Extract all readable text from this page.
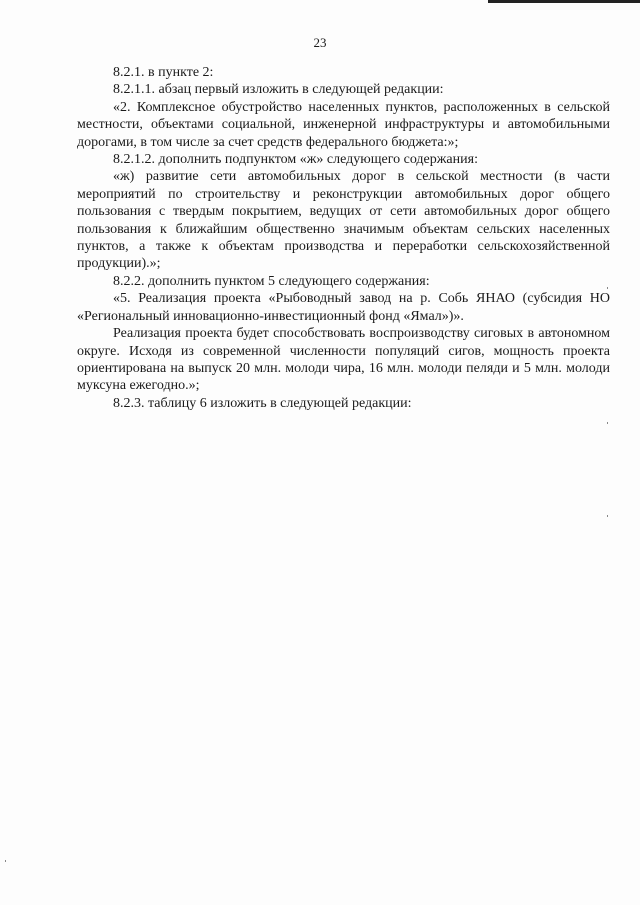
23

8.2.1. в пункте 2:

8.2.1.1. абзац первый изложить в следующей редакции:

«2. Комплексное обустройство населенных пунктов, расположенных в сельской местности, объектами социальной, инженерной инфраструктуры и автомобильными дорогами, в том числе за счет средств федерального бюджета:»;

8.2.1.2. дополнить подпунктом «ж» следующего содержания:

«ж) развитие сети автомобильных дорог в сельской местности (в части мероприятий по строительству и реконструкции автомобильных дорог общего пользования с твердым покрытием, ведущих от сети автомобильных дорог общего пользования к ближайшим общественно значимым объектам сельских населенных пунктов, а также к объектам производства и переработки сельскохозяйственной продукции).»;

8.2.2. дополнить пунктом 5 следующего содержания:

«5. Реализация проекта «Рыбоводный завод на р. Собь ЯНАО (субсидия НО «Региональный инновационно-инвестиционный фонд «Ямал»)».

Реализация проекта будет способствовать воспроизводству сиговых в автономном округе. Исходя из современной численности популяций сигов, мощность проекта ориентирована на выпуск 20 млн. молоди чира, 16 млн. молоди пеляди и 5 млн. молоди муксуна ежегодно.»;

8.2.3. таблицу 6 изложить в следующей редакции:
